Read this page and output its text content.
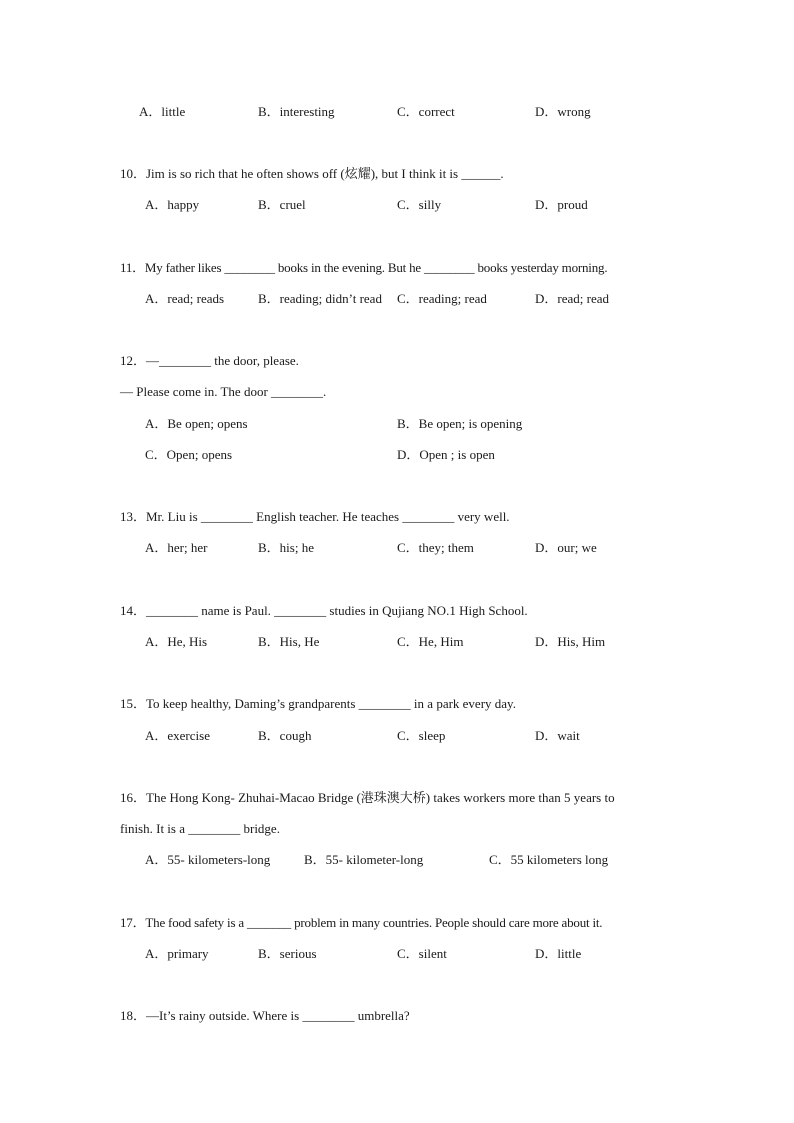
A．little	B．interesting	C．correct	D．wrong
10．Jim is so rich that he often shows off (炫耀), but I think it is ______.
A．happy	B．cruel	C．silly	D．proud
11．My father likes ________ books in the evening. But he ________ books yesterday morning.
A．read; reads	B．reading; didn’t read C．reading; read	D．read; read
12．—________ the door, please.
— Please come in. The door ________.
A．Be open; opens	B．Be open; is opening
C．Open; opens	D．Open ; is open
13．Mr. Liu is ________ English teacher. He teaches ________ very well.
A．her; her	B．his; he	C．they; them	D．our; we
14．________ name is Paul. ________ studies in Qujiang NO.1 High School.
A．He, His	B．His, He	C．He, Him	D．His, Him
15．To keep healthy, Daming’s grandparents ________ in a park every day.
A．exercise	B．cough	C．sleep	D．wait
16．The Hong Kong- Zhuhai-Macao Bridge (港珠澳大桥) takes workers more than 5 years to
finish. It is a ________ bridge.
A．55- kilometers-long	B．55- kilometer-long	C．55 kilometers long
17．The food safety is a _______ problem in many countries. People should care more about it.
A．primary	B．serious	C．silent	D．little
18．—It’s rainy outside. Where is ________ umbrella?
